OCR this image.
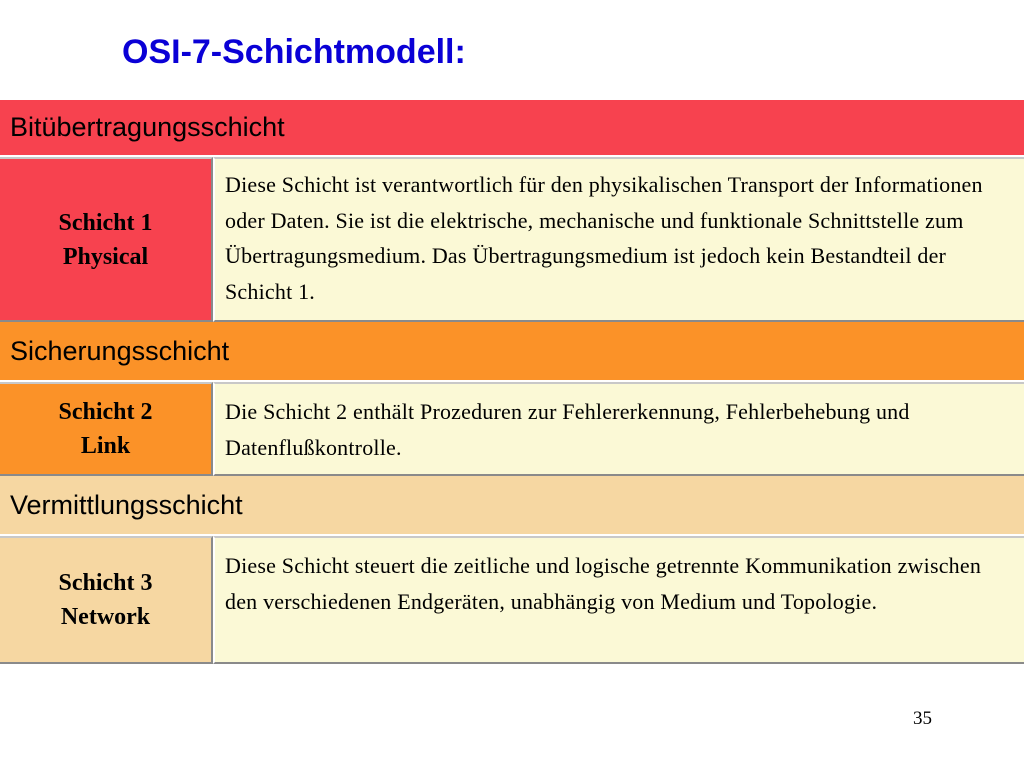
OSI-7-Schichtmodell:
Bitübertragungsschicht
Schicht 1
Physical
Diese Schicht ist verantwortlich für den physikalischen Transport der Informationen oder Daten. Sie ist die elektrische, mechanische und funktionale Schnittstelle zum Übertragungsmedium. Das Übertragungsmedium ist jedoch kein Bestandteil der Schicht 1.
Sicherungsschicht
Schicht 2
Link
Die Schicht 2 enthält Prozeduren zur Fehlererkennung, Fehlerbehebung und Datenflußkontrolle.
Vermittlungsschicht
Schicht 3
Network
Diese Schicht steuert die zeitliche und logische getrennte Kommunikation zwischen den verschiedenen Endgeräten, unabhängig von Medium und Topologie.
35
